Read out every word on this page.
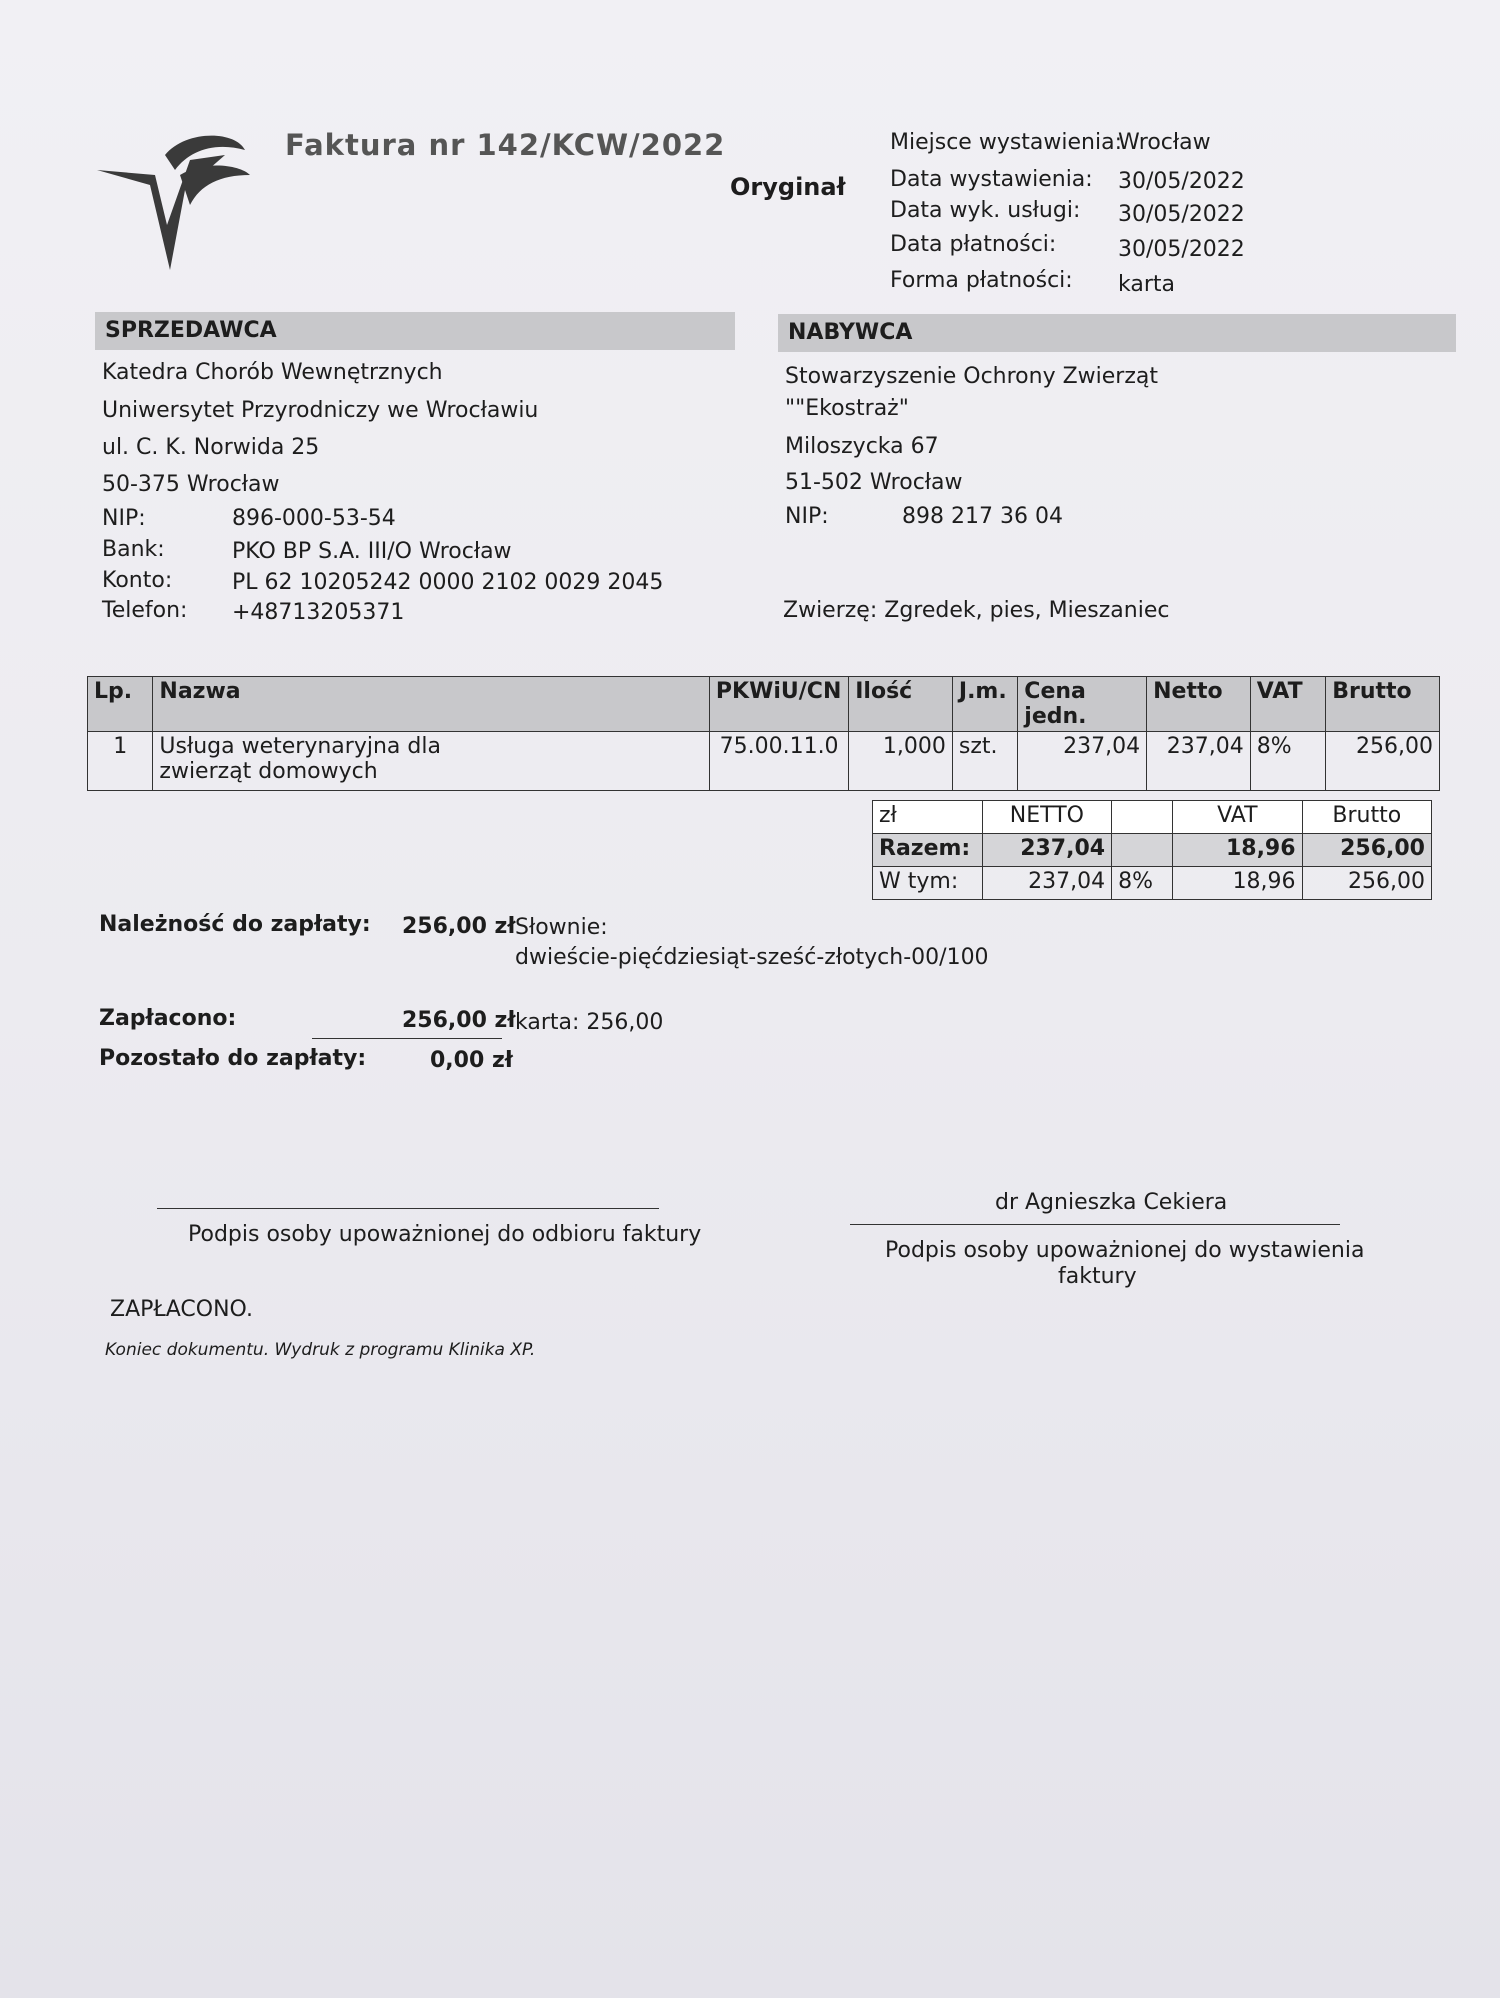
Faktura nr 142/KCW/2022
Oryginał
Miejsce wystawienia:
Wrocław
Data wystawienia: 30/05/2022
Data wyk. usługi: 30/05/2022
Data płatności:	30/05/2022
Forma płatności: karta
SPRZEDAWCA
Katedra Chorób Wewnętrznych
Uniwersytet Przyrodniczy we Wrocławiu
ul. C. K. Norwida 25
50-375 Wrocław
NIP:	896-000-53-54
Bank:	PKO BP S.A. III/O Wrocław
Konto:	PL 62 10205242 0000 2102 0029 2045
Telefon: +48713205371
NABYWCA
Stowarzyszenie Ochrony Zwierząt
""Ekostraż"
Miloszycka 67
51-502 Wrocław
NIP:	898 217 36 04
Zwierzę: Zgredek, pies, Mieszaniec
Lp.	Nazwa	PKWiU/CN	Ilość	J.m.	Cena jedn.	Netto	VAT	Brutto
1	Usługa weterynaryjna dla
zwierząt domowych	75.00.11.0	1,000	szt.	237,04	237,04	8%	256,00
zł	NETTO		VAT	Brutto
Razem:	237,04		18,96	256,00
W tym:	237,04	8%	18,96	256,00
Należność do zapłaty: 256,00 zł Słownie:
dwieście-pięćdziesiąt-sześć-złotych-00/100
Zapłacono:	256,00 zł karta: 256,00
Pozostało do zapłaty:	0,00 zł
Podpis osoby upoważnionej do odbioru faktury
dr Agnieszka Cekiera
Podpis osoby upoważnionej do wystawienia
faktury
ZAPŁACONO.
Koniec dokumentu. Wydruk z programu Klinika XP.
